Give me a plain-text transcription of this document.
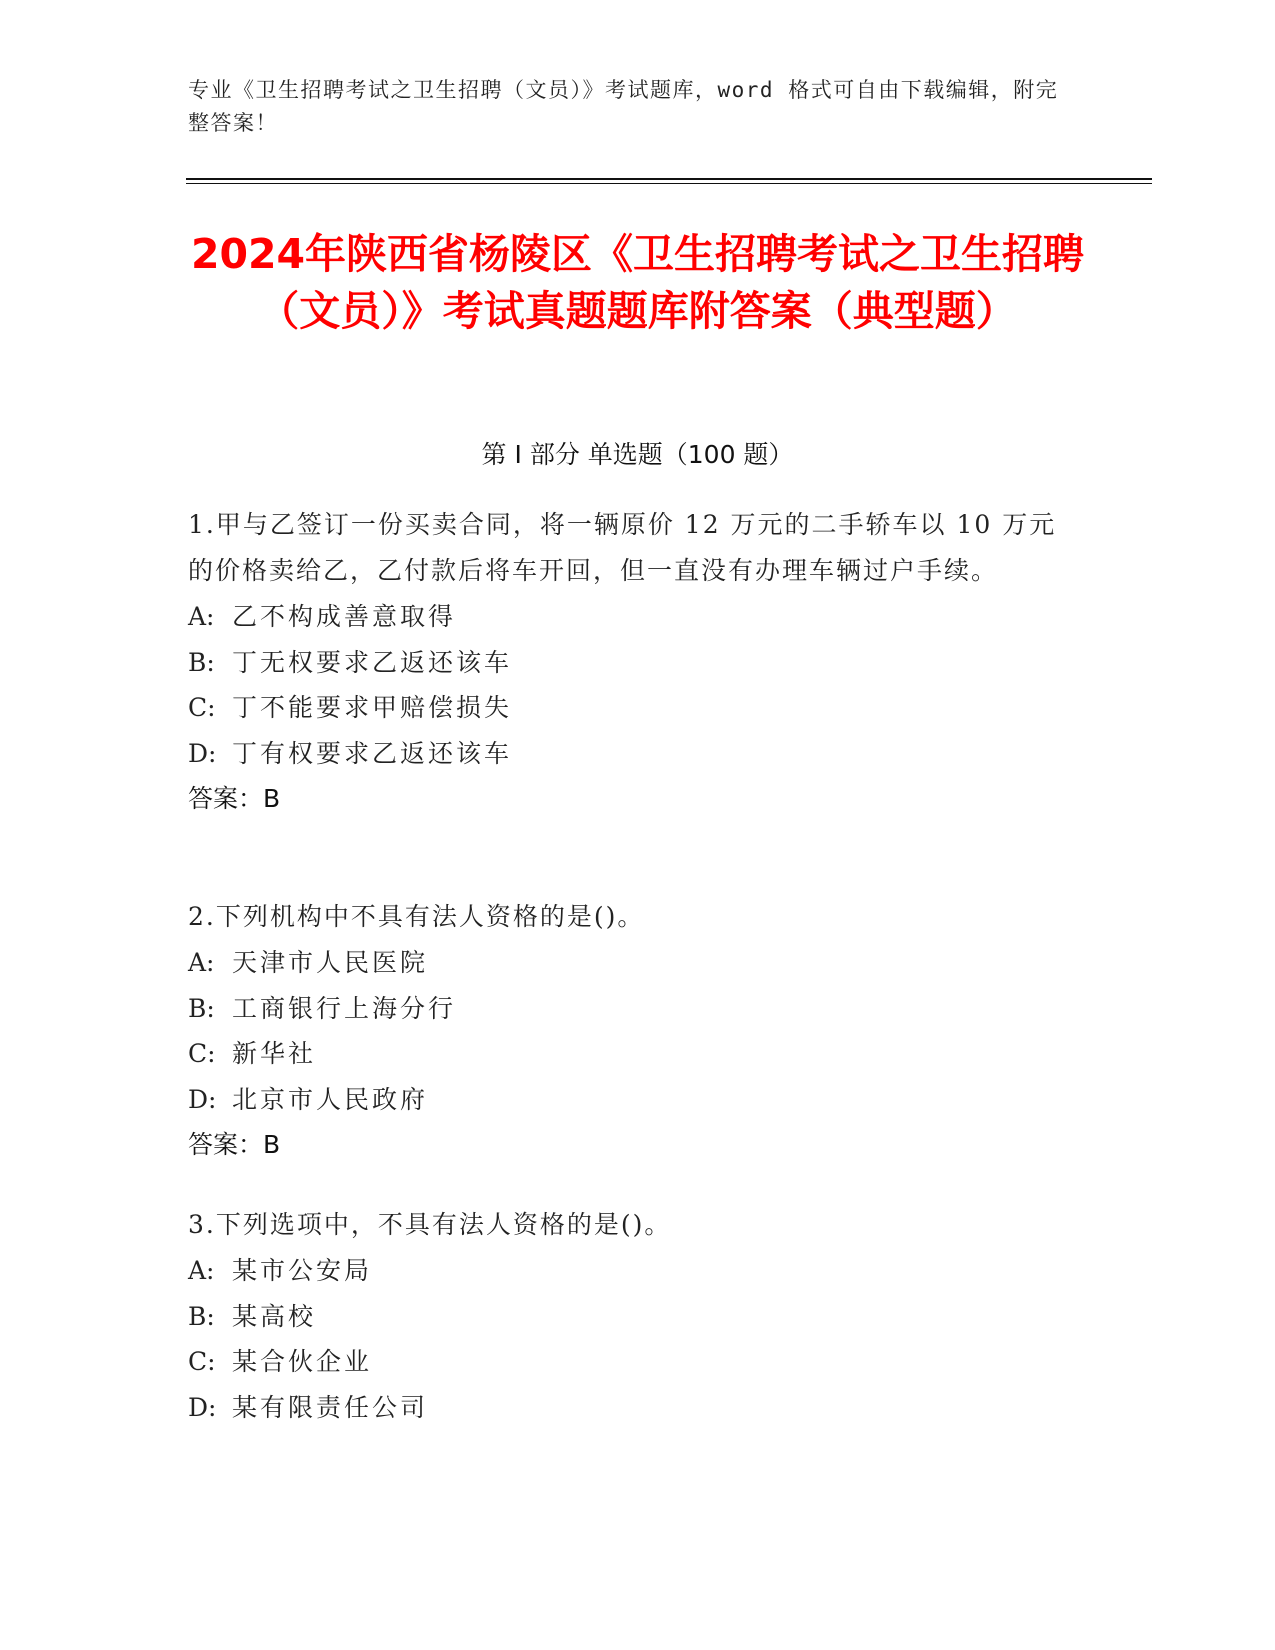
专业《卫生招聘考试之卫生招聘（文员）》考试题库，word 格式可自由下载编辑，附完整答案！
2024年陕西省杨陵区《卫生招聘考试之卫生招聘（文员）》考试真题题库附答案（典型题）
第 I 部分 单选题（100 题）
1.甲与乙签订一份买卖合同，将一辆原价 12 万元的二手轿车以 10 万元的价格卖给乙，乙付款后将车开回，但一直没有办理车辆过户手续。
A: 乙不构成善意取得
B: 丁无权要求乙返还该车
C: 丁不能要求甲赔偿损失
D: 丁有权要求乙返还该车
答案：B
2.下列机构中不具有法人资格的是()。
A: 天津市人民医院
B: 工商银行上海分行
C: 新华社
D: 北京市人民政府
答案：B
3.下列选项中，不具有法人资格的是()。
A: 某市公安局
B: 某高校
C: 某合伙企业
D: 某有限责任公司
